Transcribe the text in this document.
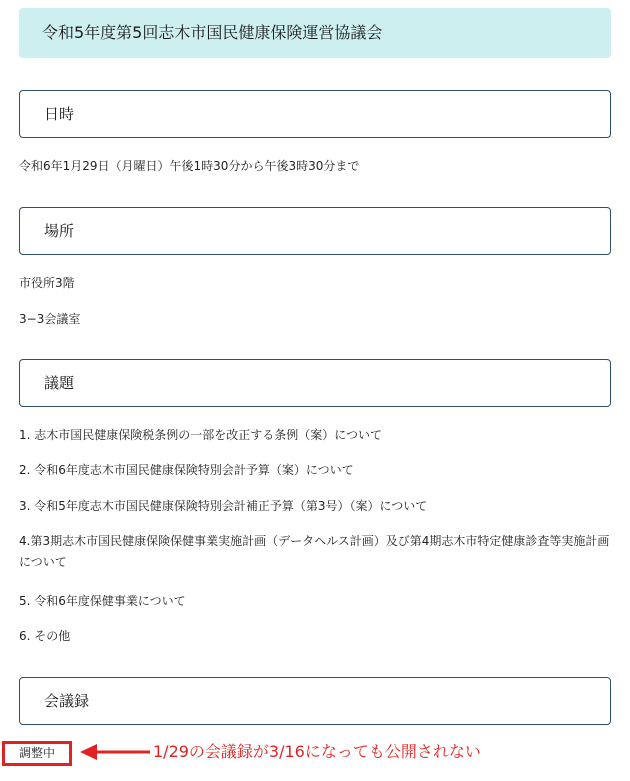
令和5年度第5回志木市国民健康保険運営協議会
日時
令和6年1月29日（月曜日）午後1時30分から午後3時30分まで
場所
市役所3階
3−3会議室
議題
1. 志木市国民健康保険税条例の一部を改正する条例（案）について
2. 令和6年度志木市国民健康保険特別会計予算（案）について
3. 令和5年度志木市国民健康保険特別会計補正予算（第3号）（案）について
4.第3期志木市国民健康保険保健事業実施計画（データヘルス計画）及び第4期志木市特定健康診査等実施計画について
5. 令和6年度保健事業について
6. その他
会議録
調整中	1/29の会議録が3/16になっても公開されない
